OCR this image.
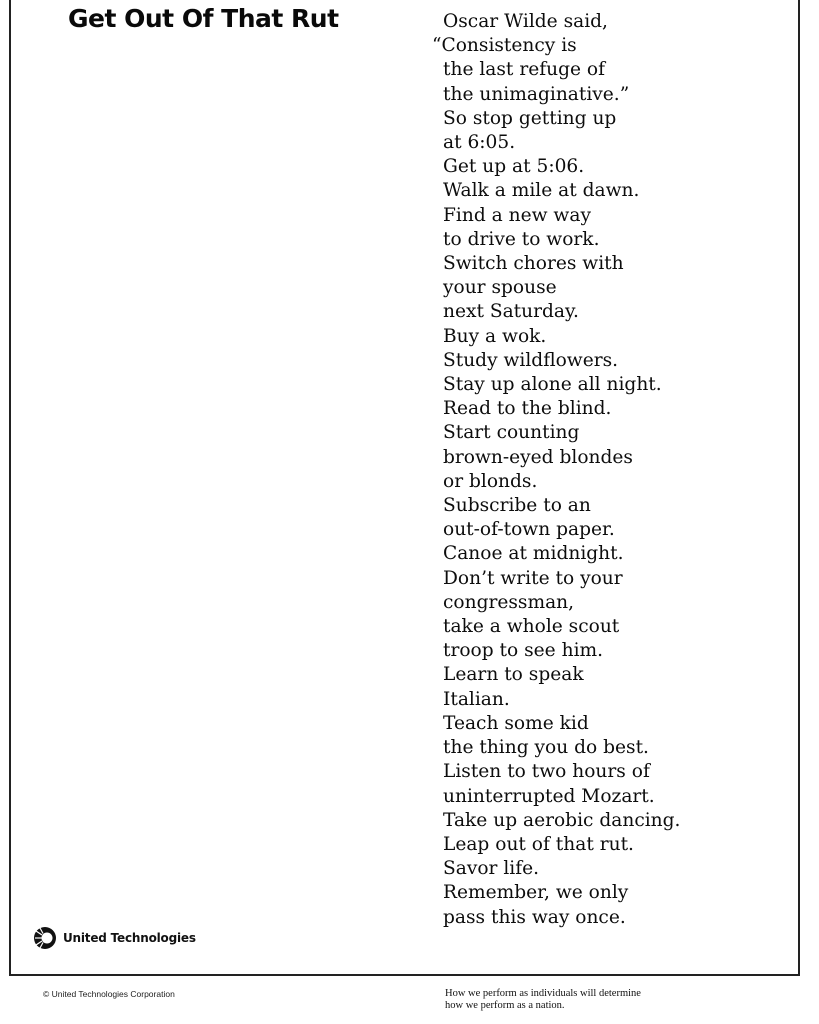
Get Out Of That Rut	Oscar Wilde said,
“Consistency is
the last refuge of
the unimaginative.”
So stop getting up
at 6:05.
Get up at 5:06.
Walk a mile at dawn.
Find a new way
to drive to work.
Switch chores with
your spouse
next Saturday.
Buy a wok.
Study wildflowers.
Stay up alone all night.
Read to the blind.
Start counting
brown-eyed blondes
or blonds.
Subscribe to an
out-of-town paper.
Canoe at midnight.
Don’t write to your
congressman,
take a whole scout
troop to see him.
Learn to speak
Italian.
Teach some kid
the thing you do best.
Listen to two hours of
uninterrupted Mozart.
Take up aerobic dancing.
Leap out of that rut.
Savor life.
Remember, we only
pass this way once.
United Technologies
© United Technologies Corporation	How we perform as individuals will determine
how we perform as a nation.
